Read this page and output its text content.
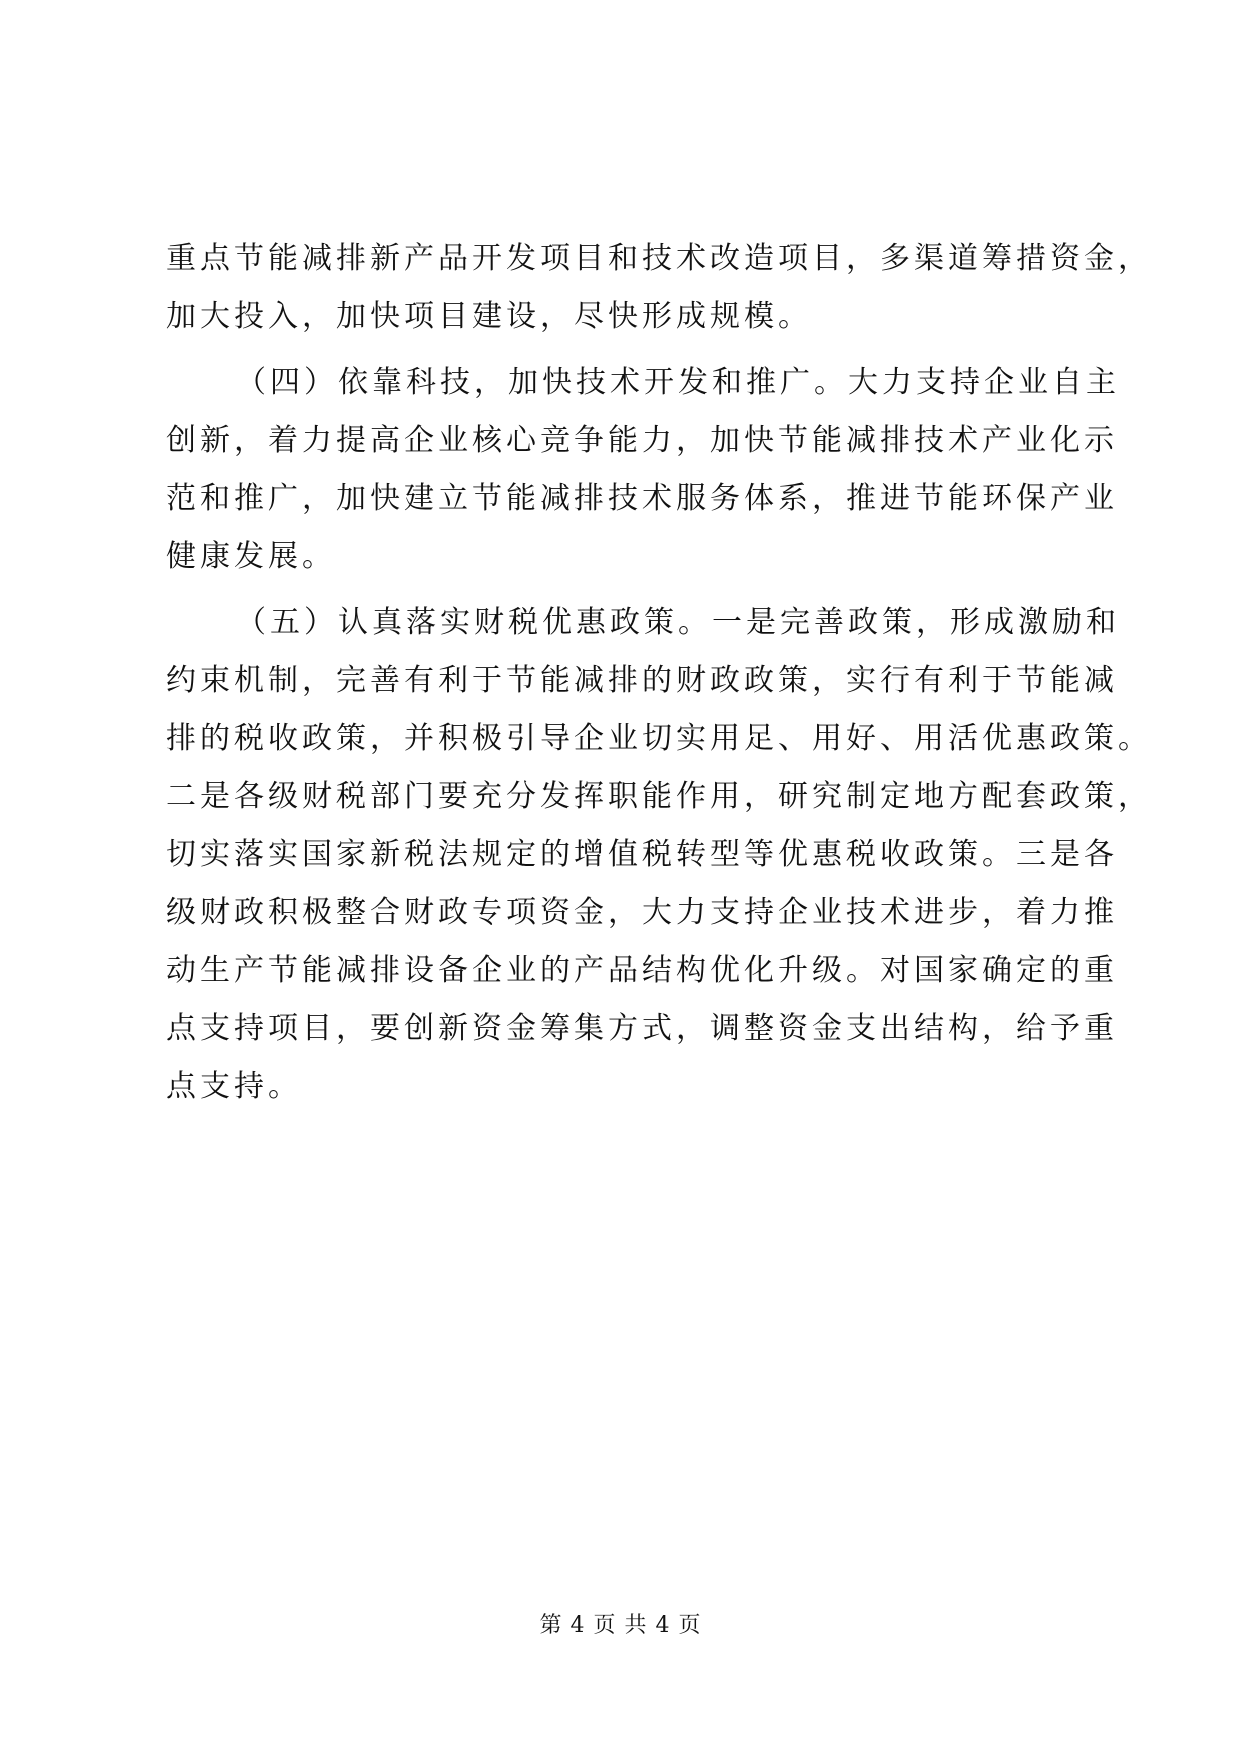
重点节能减排新产品开发项目和技术改造项目，多渠道筹措资金，
加大投入，加快项目建设，尽快形成规模。
（四）依靠科技，加快技术开发和推广。大力支持企业自主
创新，着力提高企业核心竞争能力，加快节能减排技术产业化示
范和推广，加快建立节能减排技术服务体系，推进节能环保产业
健康发展。
（五）认真落实财税优惠政策。一是完善政策，形成激励和
约束机制，完善有利于节能减排的财政政策，实行有利于节能减
排的税收政策，并积极引导企业切实用足、用好、用活优惠政策。
二是各级财税部门要充分发挥职能作用，研究制定地方配套政策，
切实落实国家新税法规定的增值税转型等优惠税收政策。三是各
级财政积极整合财政专项资金，大力支持企业技术进步，着力推
动生产节能减排设备企业的产品结构优化升级。对国家确定的重
点支持项目，要创新资金筹集方式，调整资金支出结构，给予重
点支持。
第 4 页 共 4 页
